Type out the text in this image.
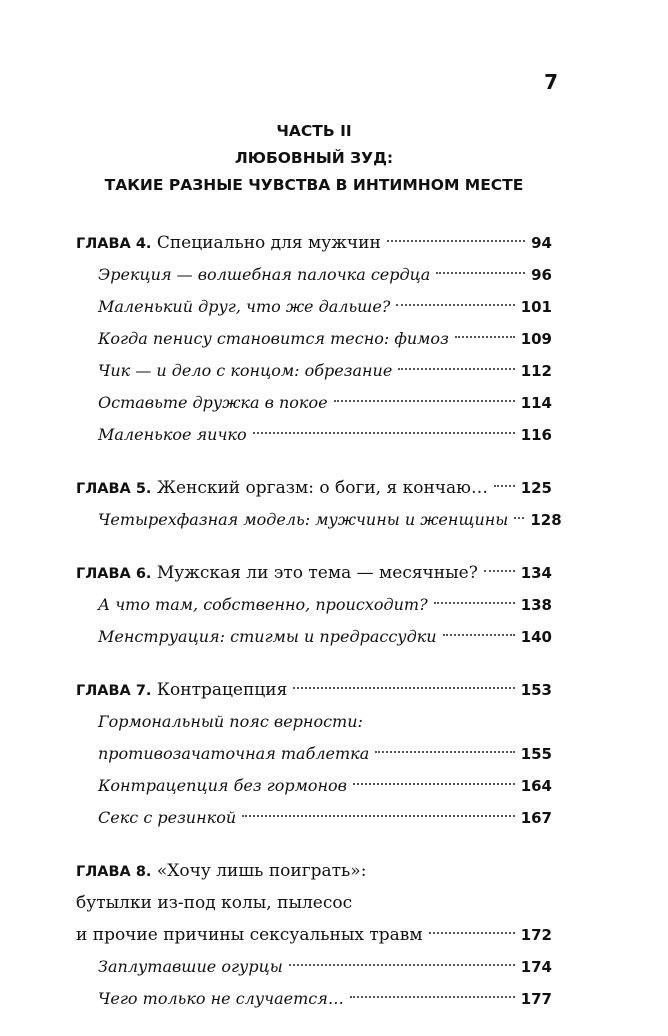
7
ЧАСТЬ II
ЛЮБОВНЫЙ ЗУД:
ТАКИЕ РАЗНЫЕ ЧУВСТВА В ИНТИМНОМ МЕСТЕ
ГЛАВА 4. Специально для мужчин	94
Эрекция — волшебная палочка сердца	96
Маленький друг, что же дальше?	101
Когда пенису становится тесно: фимоз	109
Чик — и дело с концом: обрезание	112
Оставьте дружка в покое	114
Маленькое яичко	116
ГЛАВА 5. Женский оргазм: о боги, я кончаю… 125
Четырехфазная модель: мужчины и женщины 128
ГЛАВА 6. Мужская ли это тема — месячные?	134
А что там, собственно, происходит?	138
Менструация: стигмы и предрассудки	140
ГЛАВА 7. Контрацепция	153
Гормональный пояс верности:
противозачаточная таблетка	155
Контрацепция без гормонов	164
Секс с резинкой	167
ГЛАВА 8. «Хочу лишь поиграть»:
бутылки из-под колы, пылесос
и прочие причины сексуальных травм	172
Заплутавшие огурцы	174
Чего только не случается…	177
